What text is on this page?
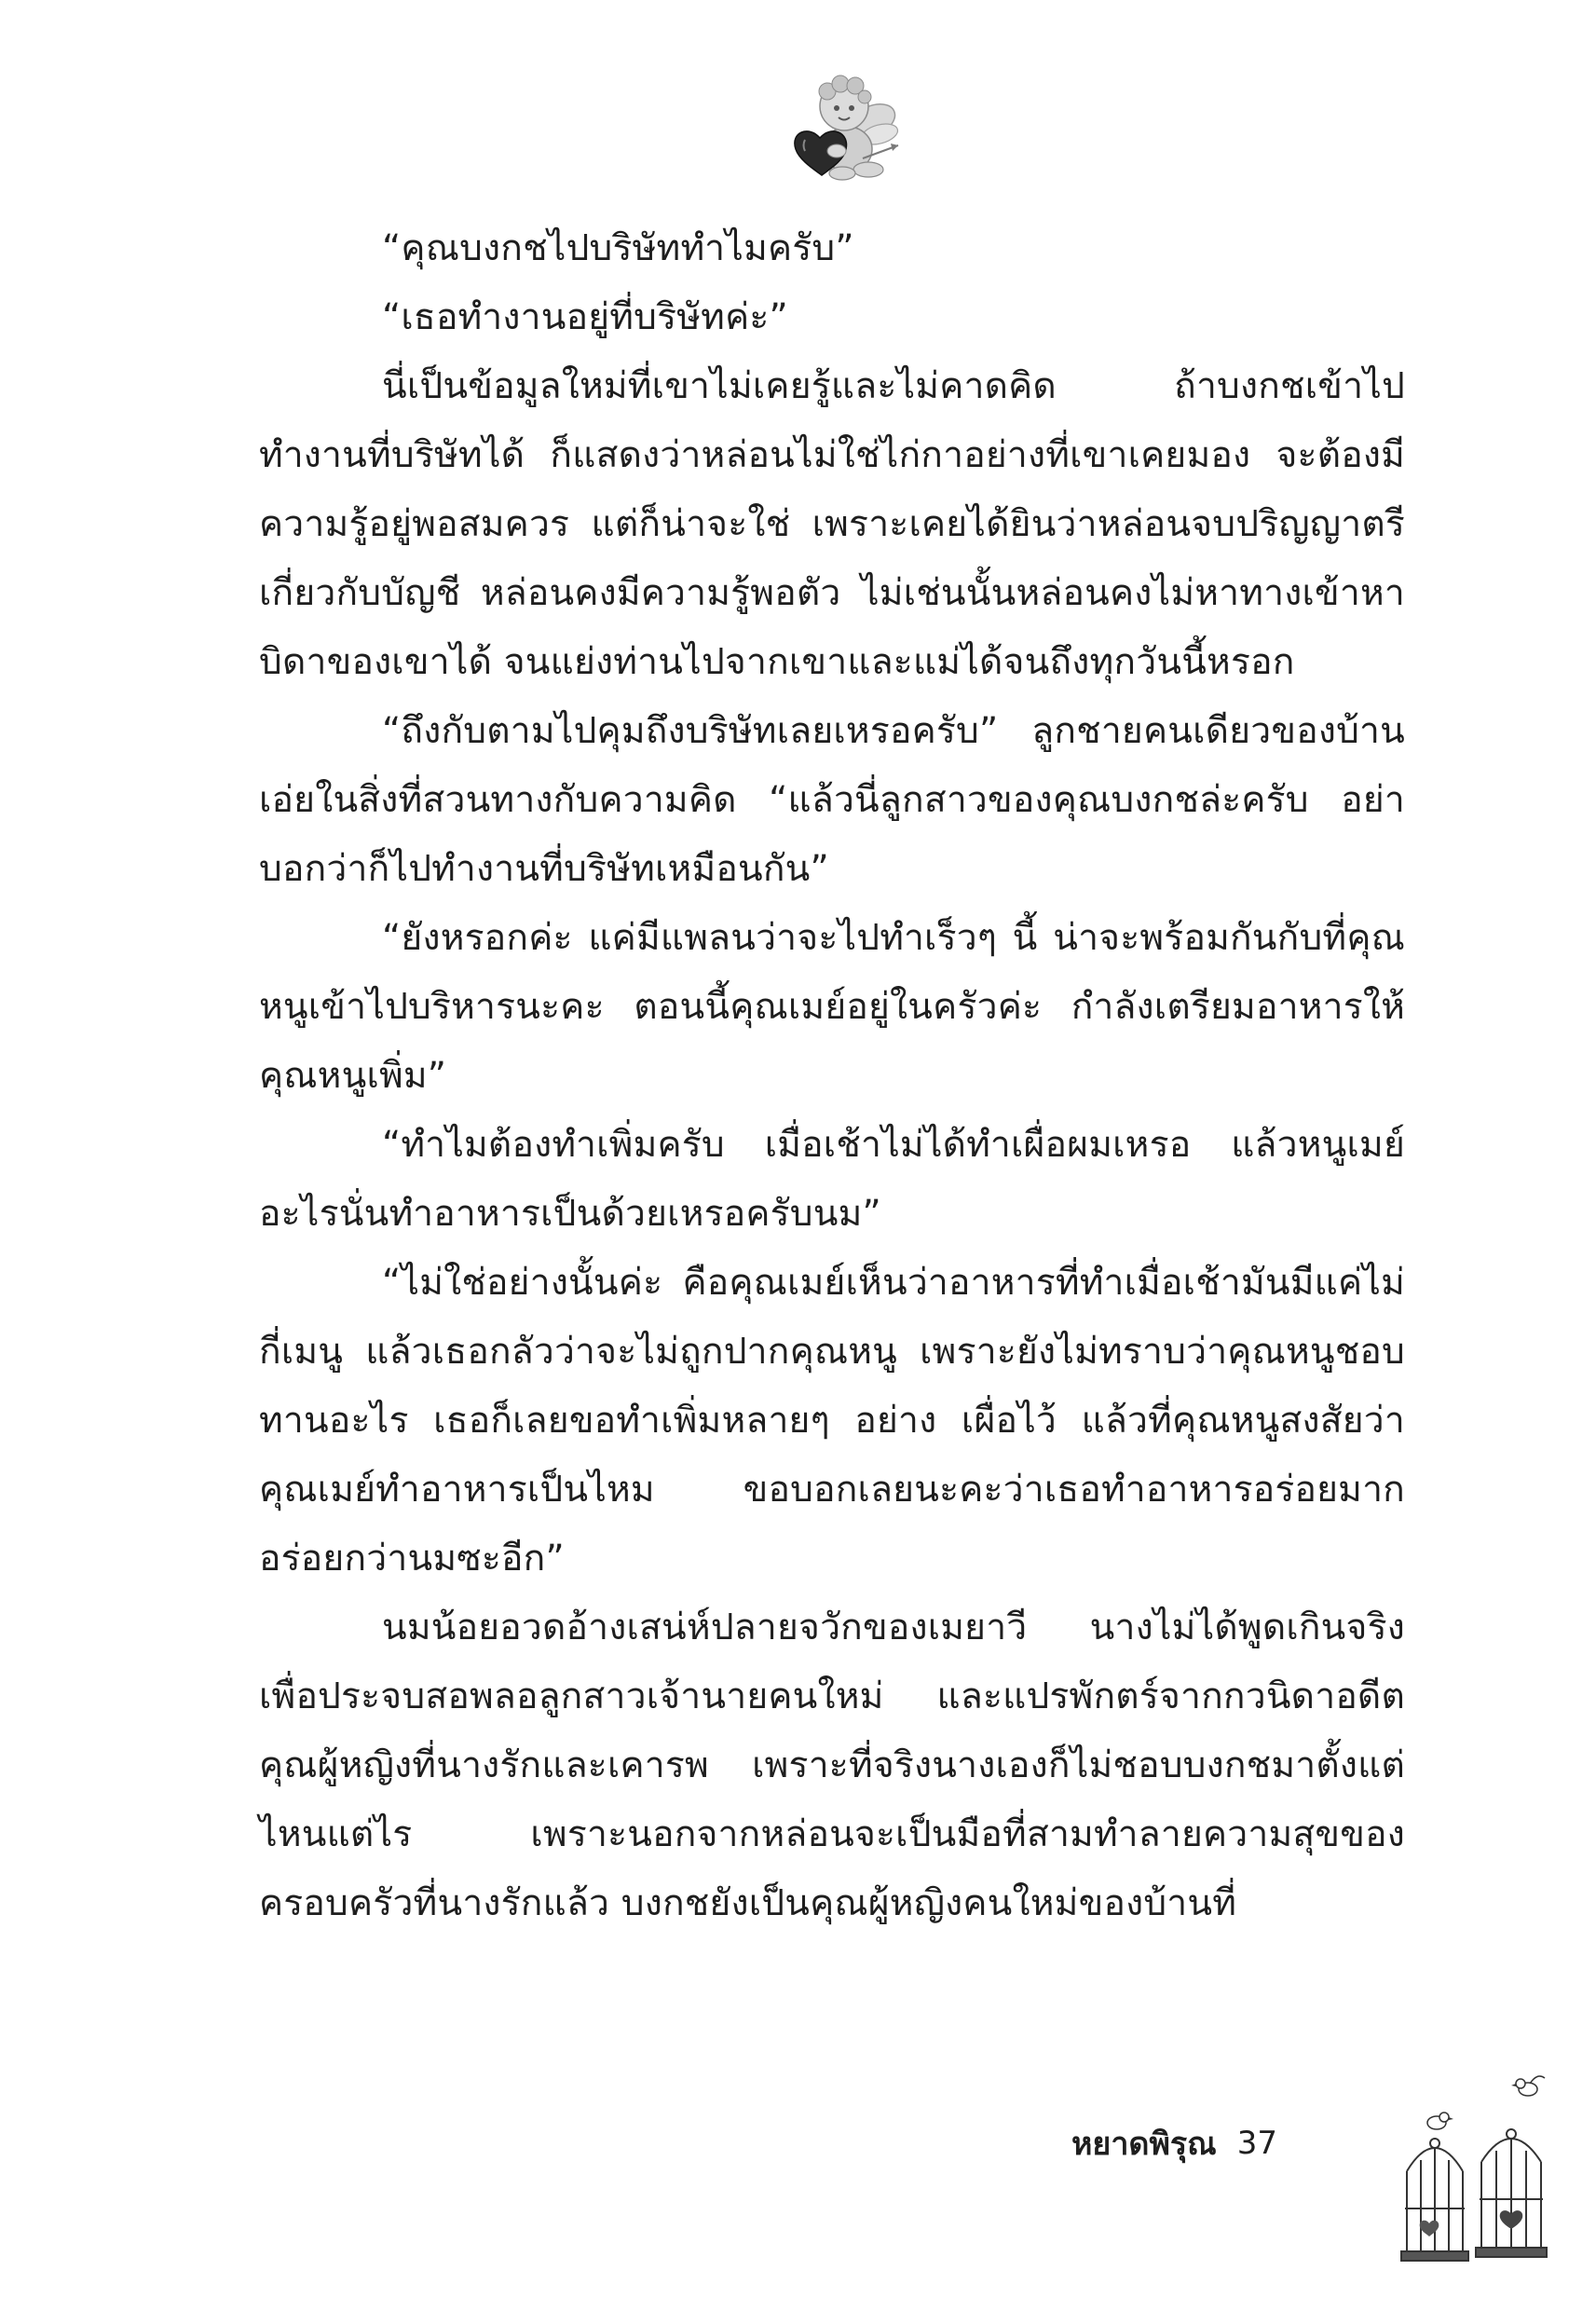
“คุณบงกชไปบริษัททำไมครับ”

“เธอทำงานอยู่ที่บริษัทค่ะ”

นี่เป็นข้อมูลใหม่ที่เขาไม่เคยรู้และไม่คาดคิด ถ้าบงกชเข้าไปทำงานที่บริษัทได้ ก็แสดงว่าหล่อนไม่ใช่ไก่กาอย่างที่เขาเคยมอง จะต้องมีความรู้อยู่พอสมควร แต่ก็น่าจะใช่ เพราะเคยได้ยินว่าหล่อนจบปริญญาตรีเกี่ยวกับบัญชี หล่อนคงมีความรู้พอตัว ไม่เช่นนั้นหล่อนคงไม่หาทางเข้าหาบิดาของเขาได้ จนแย่งท่านไปจากเขาและแม่ได้จนถึงทุกวันนี้หรอก

“ถึงกับตามไปคุมถึงบริษัทเลยเหรอครับ” ลูกชายคนเดียวของบ้านเอ่ยในสิ่งที่สวนทางกับความคิด “แล้วนี่ลูกสาวของคุณบงกชล่ะครับ อย่าบอกว่าก็ไปทำงานที่บริษัทเหมือนกัน”

“ยังหรอกค่ะ แค่มีแพลนว่าจะไปทำเร็วๆ นี้ น่าจะพร้อมกันกับที่คุณหนูเข้าไปบริหารนะคะ ตอนนี้คุณเมย์อยู่ในครัวค่ะ กำลังเตรียมอาหารให้คุณหนูเพิ่ม”

“ทำไมต้องทำเพิ่มครับ เมื่อเช้าไม่ได้ทำเผื่อผมเหรอ แล้วหนูเมย์อะไรนั่นทำอาหารเป็นด้วยเหรอครับนม”

“ไม่ใช่อย่างนั้นค่ะ คือคุณเมย์เห็นว่าอาหารที่ทำเมื่อเช้ามันมีแค่ไม่กี่เมนู แล้วเธอกลัวว่าจะไม่ถูกปากคุณหนู เพราะยังไม่ทราบว่าคุณหนูชอบทานอะไร เธอก็เลยขอทำเพิ่มหลายๆ อย่าง เผื่อไว้ แล้วที่คุณหนูสงสัยว่าคุณเมย์ทำอาหารเป็นไหม ขอบอกเลยนะคะว่าเธอทำอาหารอร่อยมาก อร่อยกว่านมซะอีก”

นมน้อยอวดอ้างเสน่ห์ปลายจวักของเมยาวี นางไม่ได้พูดเกินจริงเพื่อประจบสอพลอลูกสาวเจ้านายคนใหม่ และแปรพักตร์จากกวนิดาอดีตคุณผู้หญิงที่นางรักและเคารพ เพราะที่จริงนางเองก็ไม่ชอบบงกชมาตั้งแต่ไหนแต่ไร เพราะนอกจากหล่อนจะเป็นมือที่สามทำลายความสุขของครอบครัวที่นางรักแล้ว บงกชยังเป็นคุณผู้หญิงคนใหม่ของบ้านที่

หยาดพิรุณ 37
